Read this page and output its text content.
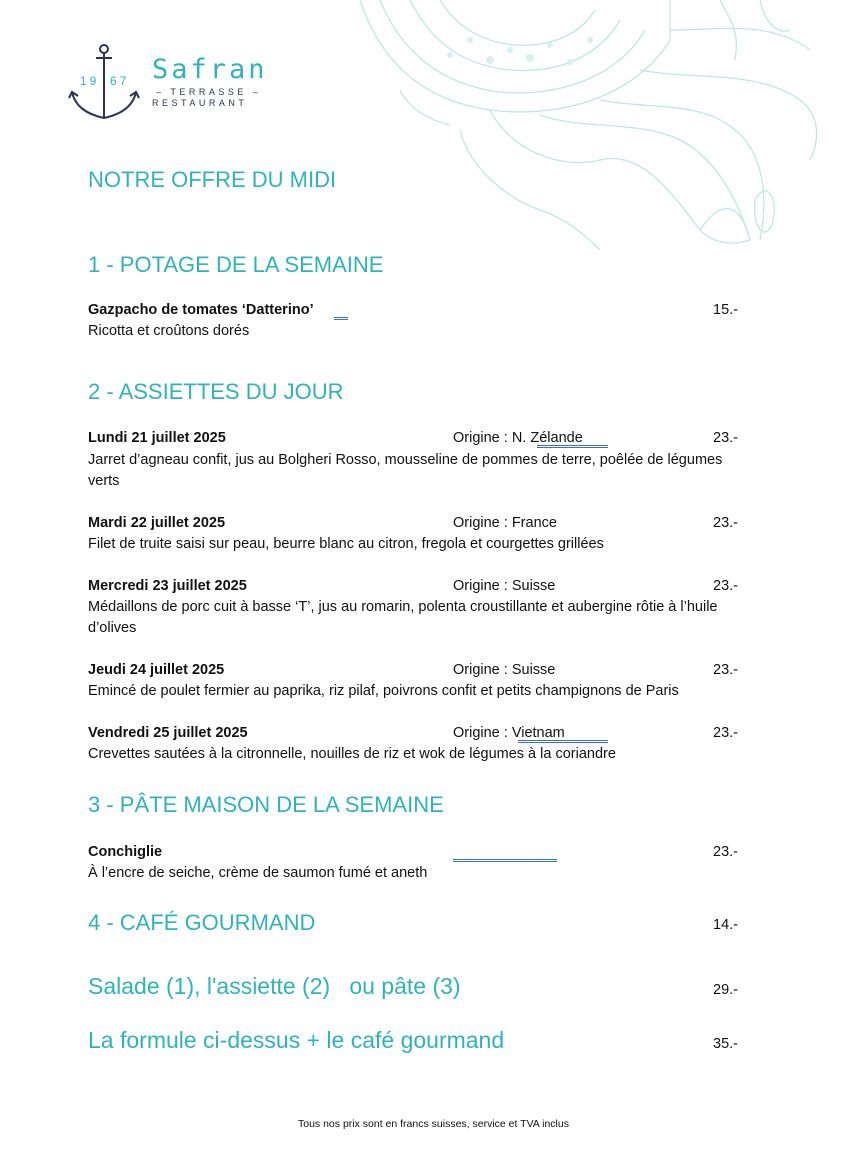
19 67 Safran
– TERRASSE –
RESTAURANT
NOTRE OFFRE DU MIDI
1 - POTAGE DE LA SEMAINE
Gazpacho de tomates ‘Datterino’	15.-
Ricotta et croûtons dorés
2 - ASSIETTES DU JOUR
Lundi 21 juillet 2025	Origine : N. Zélande	23.-
Jarret d’agneau confit, jus au Bolgheri Rosso, mousseline de pommes de terre, poêlée de légumes verts
Mardi 22 juillet 2025	Origine : France	23.-
Filet de truite saisi sur peau, beurre blanc au citron, fregola et courgettes grillées
Mercredi 23 juillet 2025	Origine : Suisse	23.-
Médaillons de porc cuit à basse ‘T’, jus au romarin, polenta croustillante et aubergine rôtie à l’huile d’olives
Jeudi 24 juillet 2025	Origine : Suisse	23.-
Emincé de poulet fermier au paprika, riz pilaf, poivrons confit et petits champignons de Paris
Vendredi 25 juillet 2025	Origine : Vietnam	23.-
Crevettes sautées à la citronnelle, nouilles de riz et wok de légumes à la coriandre
3 - PÂTE MAISON DE LA SEMAINE
Conchiglie	23.-
À l’encre de seiche, crème de saumon fumé et aneth
4 - CAFÉ GOURMAND	14.-
Salade (1), l'assiette (2)   ou pâte (3)	29.-
La formule ci-dessus + le café gourmand	35.-
Tous nos prix sont en francs suisses, service et TVA inclus
